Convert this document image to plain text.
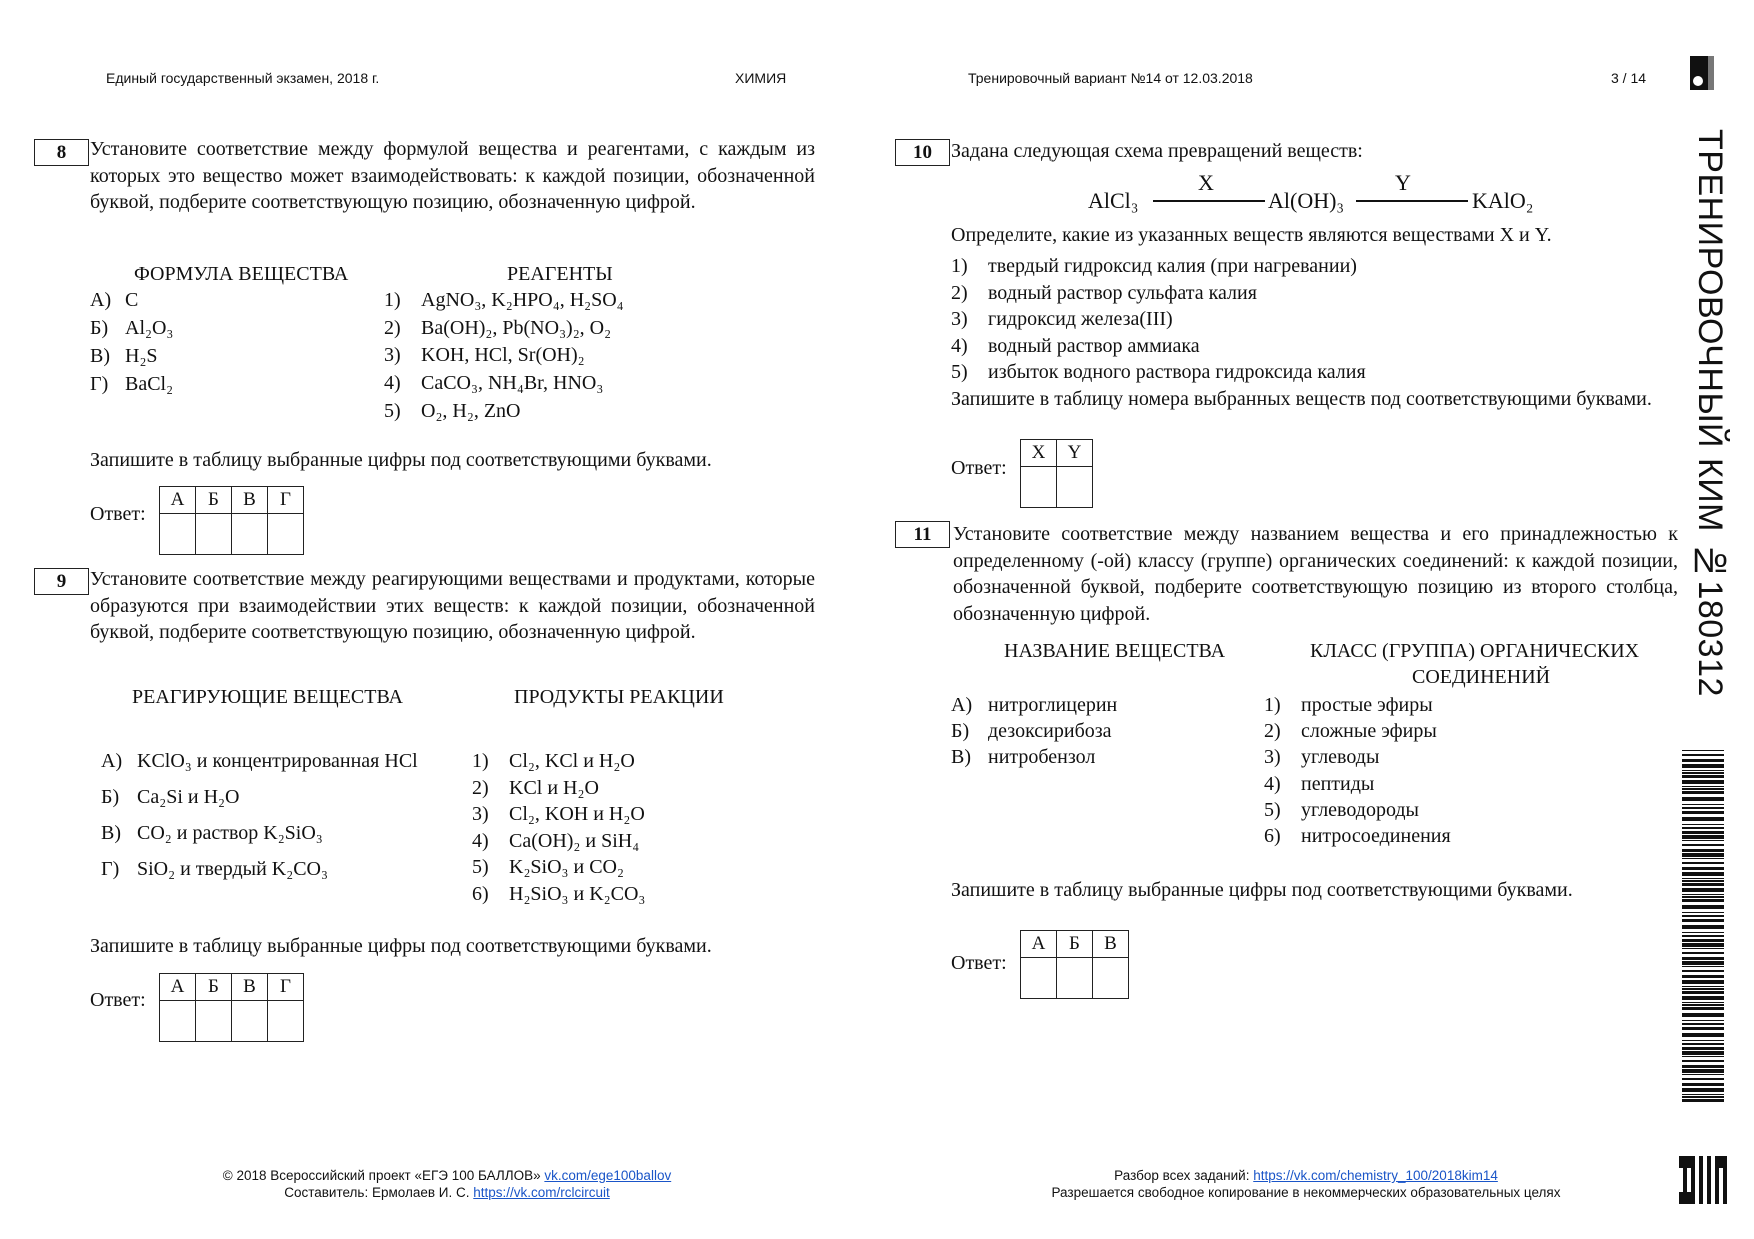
Единый государственный экзамен, 2018 г.	ХИМИЯ	Тренировочный вариант №14 от 12.03.2018	3 / 14
ТРЕНИРОВОЧНЫЙ КИМ №180312
8	Установите соответствие между формулой вещества и реагентами, с каждым из которых это вещество может взаимодействовать: к каждой позиции, обозначенной буквой, подберите соответствующую позицию, обозначенную цифрой.
ФОРМУЛА ВЕЩЕСТВА	РЕАГЕНТЫ
А) C
Б) Al₂O₃
В) H₂S
Г) BaCl₂
1) AgNO₃, K₂HPO₄, H₂SO₄
2) Ba(OH)₂, Pb(NO₃)₂, O₂
3) KOH, HCl, Sr(OH)₂
4) CaCO₃, NH₄Br, HNO₃
5) O₂, H₂, ZnO
Запишите в таблицу выбранные цифры под соответствующими буквами.
Ответ:
А	Б	В	Г

9	Установите соответствие между реагирующими веществами и продуктами, которые образуются при взаимодействии этих веществ: к каждой позиции, обозначенной буквой, подберите соответствующую позицию, обозначенную цифрой.
РЕАГИРУЮЩИЕ ВЕЩЕСТВА	ПРОДУКТЫ РЕАКЦИИ
А) KClO₃ и концентрированная HCl
Б) Ca₂Si и H₂O
В) CO₂ и раствор K₂SiO₃
Г) SiO₂ и твердый K₂CO₃
1) Cl₂, KCl и H₂O
2) KCl и H₂O
3) Cl₂, KOH и H₂O
4) Ca(OH)₂ и SiH₄
5) K₂SiO₃ и CO₂
6) H₂SiO₃ и K₂CO₃
Запишите в таблицу выбранные цифры под соответствующими буквами.
Ответ:
А	Б	В	Г

10 Задана следующая схема превращений веществ:
AlCl₃
X
Al(OH)₃
Y
KAlO₂
Определите, какие из указанных веществ являются веществами X и Y.
1) твердый гидроксид калия (при нагревании)
2) водный раствор сульфата калия
3) гидроксид железа(III)
4) водный раствор аммиака
5) избыток водного раствора гидроксида калия
Запишите в таблицу номера выбранных веществ под соответствующими буквами.
Ответ:
X	Y

11	Установите соответствие между названием вещества и его принадлежностью к определенному (-ой) классу (группе) органических соединений: к каждой позиции, обозначенной буквой, подберите соответствующую позицию из второго столбца, обозначенную цифрой.
НАЗВАНИЕ ВЕЩЕСТВА	КЛАСС (ГРУППА) ОРГАНИЧЕСКИХ
СОЕДИНЕНИЙ
А) нитроглицерин
Б) дезоксирибоза
В) нитробензол
1) простые эфиры
2) сложные эфиры
3) углеводы
4) пептиды
5) углеводороды
6) нитросоединения
Запишите в таблицу выбранные цифры под соответствующими буквами.
Ответ:
А	Б	В

© 2018 Всероссийский проект «ЕГЭ 100 БАЛЛОВ» vk.com/ege100ballov
Составитель: Ермолаев И. С. https://vk.com/rclcircuit
Разбор всех заданий: https://vk.com/chemistry_100/2018kim14
Разрешается свободное копирование в некоммерческих образовательных целях
